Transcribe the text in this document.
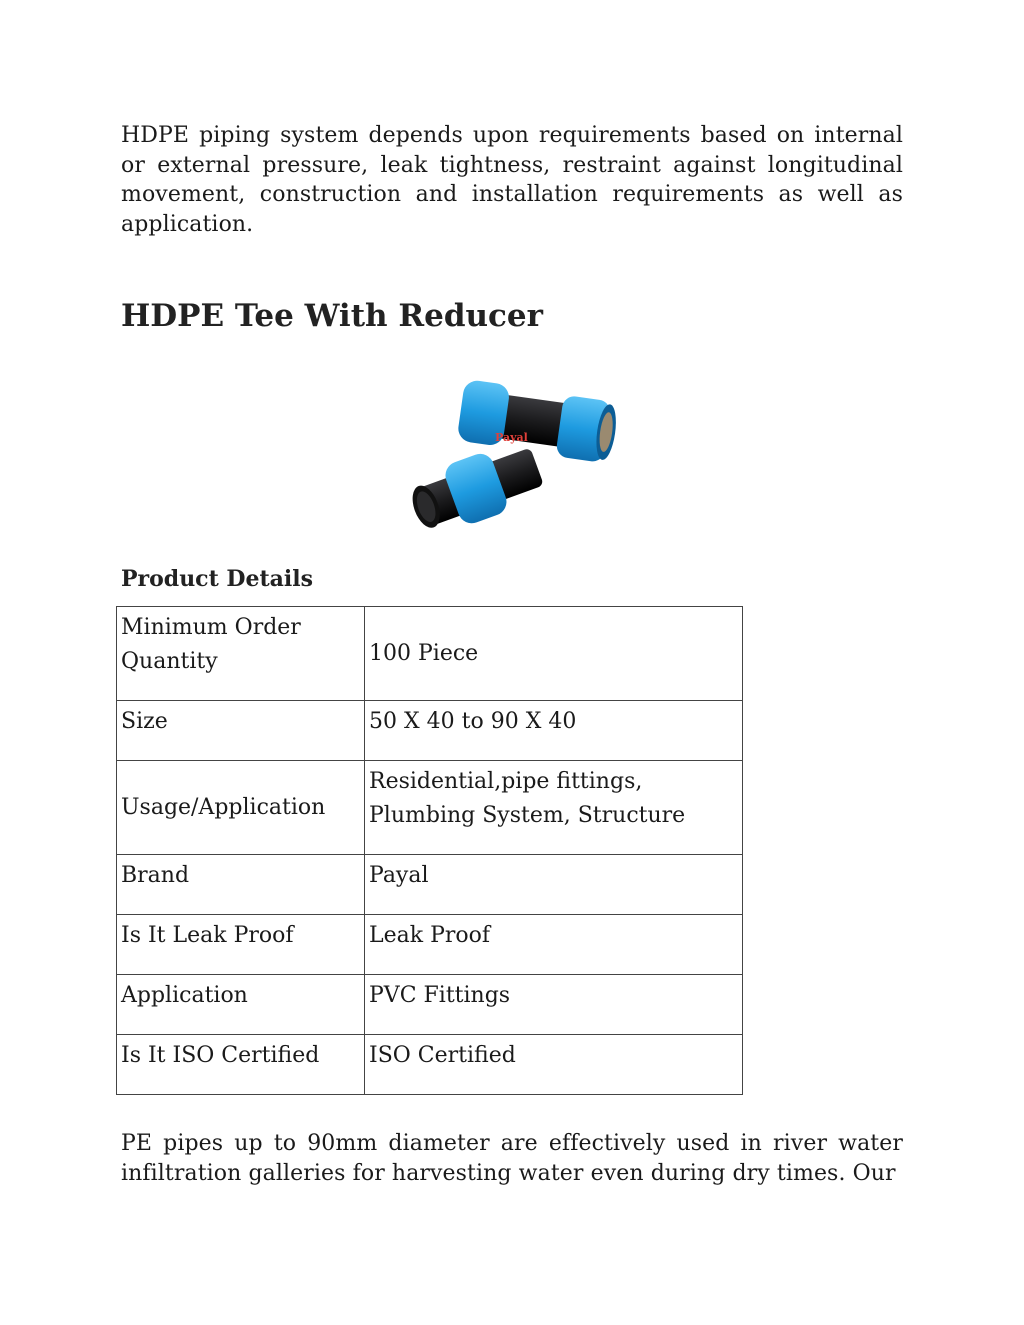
HDPE piping system depends upon requirements based on internal or external pressure, leak tightness, restraint against longitudinal movement, construction and installation requirements as well as application.

HDPE Tee With Reducer
Payal
Product Details
Minimum Order Quantity	100 Piece
Size	50 X 40 to 90 X 40
Usage/Application	Residential,pipe fittings, Plumbing System, Structure
Brand	Payal
Is It Leak Proof	Leak Proof
Application	PVC Fittings
Is It ISO Certified	ISO Certified

PE pipes up to 90mm diameter are effectively used in river water infiltration galleries for harvesting water even during dry times. Our
